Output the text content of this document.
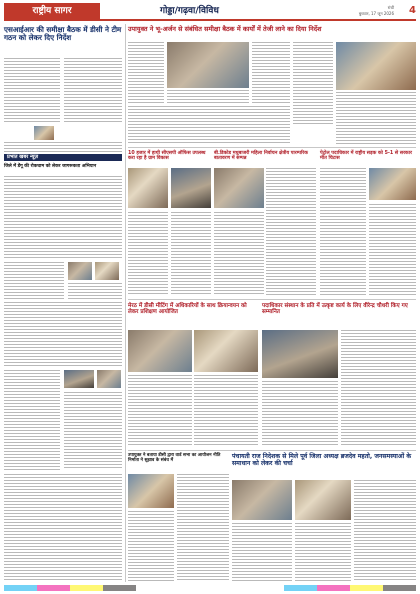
राष्ट्रीय सागर	गोड्डा/गढ़वा/विविध	रांची
बुधवार, 17 जून 2026 4
एसआईआर की समीक्षा बैठक में डीसी ने टीम गठन को लेकर दिए निर्देश
प्रभात खबर न्यूज़
जिले में डेंगू की रोकथाम को लेकर जागरूकता अभियान
उपायुक्त ने भू-अर्जन से संबंधित समीक्षा बैठक में कार्यों में तेजी लाने का दिया निर्देश
10 हजार में हाथी सीएसपी ऑफिस उपलब्ध करा रहा है ग्राम विकास
बी.डिकोड मधुबाजरी महिला निर्वाचन क्षेत्रीय पारम्परिक बातावरण में सम्पन्न
पेट्रोल पदाधिकार में राष्ट्रीय सड़क को 5-1 से सरकार मीत चिटास
मेरठ में डीसी मीटिंग में अधिकारियों के साथ क्रियान्वयन को लेकर प्रशिक्षण आयोजित
पदाधिकार संस्थान के प्रति में उत्कृष्ट कार्य के लिए वीरेन्द्र चौधरी किए गए सम्मानित
उपायुक्त ने बताया डीसी द्वारा वार्ड सभा का आयोजन नीति निर्माता ने सुझाव के संबंध में
पंचायती राज निदेशक से मिले पूर्व जिला अध्यक्ष ब्रजदेव महतो, जनसमस्याओं के समाधान को लेकर की चर्चा
